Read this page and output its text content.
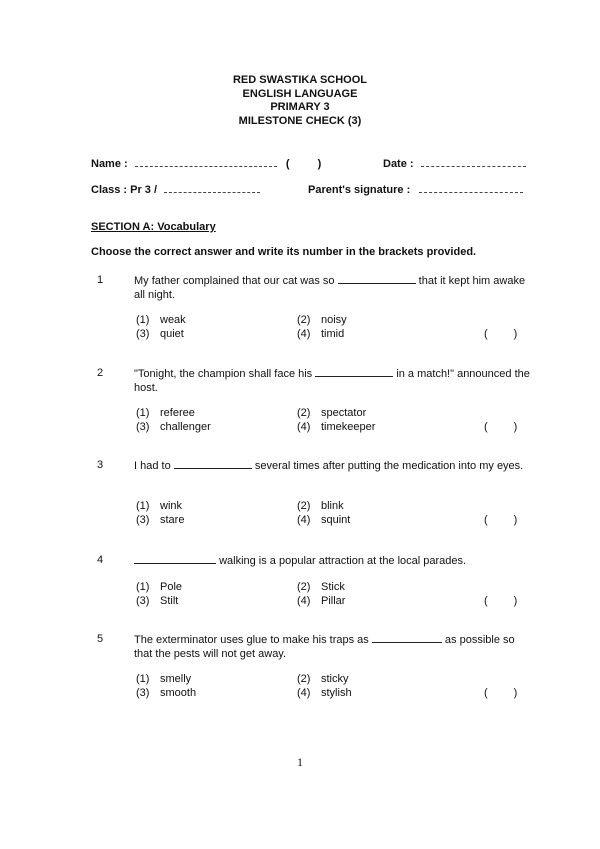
RED SWASTIKA SCHOOL
ENGLISH LANGUAGE
PRIMARY 3
MILESTONE CHECK (3)
Name :	(	)	Date :
Class : Pr 3 /	Parent's signature :
SECTION A: Vocabulary
Choose the correct answer and write its number in the brackets provided.
1	My father complained that our cat was so	that it kept him awake all night.
(1) weak	(2) noisy
(3) quiet	(4) timid	( )
2	"Tonight, the champion shall face his	in a match!" announced the host.
(1) referee	(2) spectator
(3) challenger	(4) timekeeper	( )
3	I had to	several times after putting the medication into my eyes.
(1) wink	(2) blink
(3) stare	(4) squint	( )
4	walking is a popular attraction at the local parades.
(1) Pole	(2) Stick
(3) Stilt	(4) Pillar	( )
5	The exterminator uses glue to make his traps as	as possible so that the pests will not get away.
(1) smelly	(2) sticky
(3) smooth	(4) stylish	( )
1
